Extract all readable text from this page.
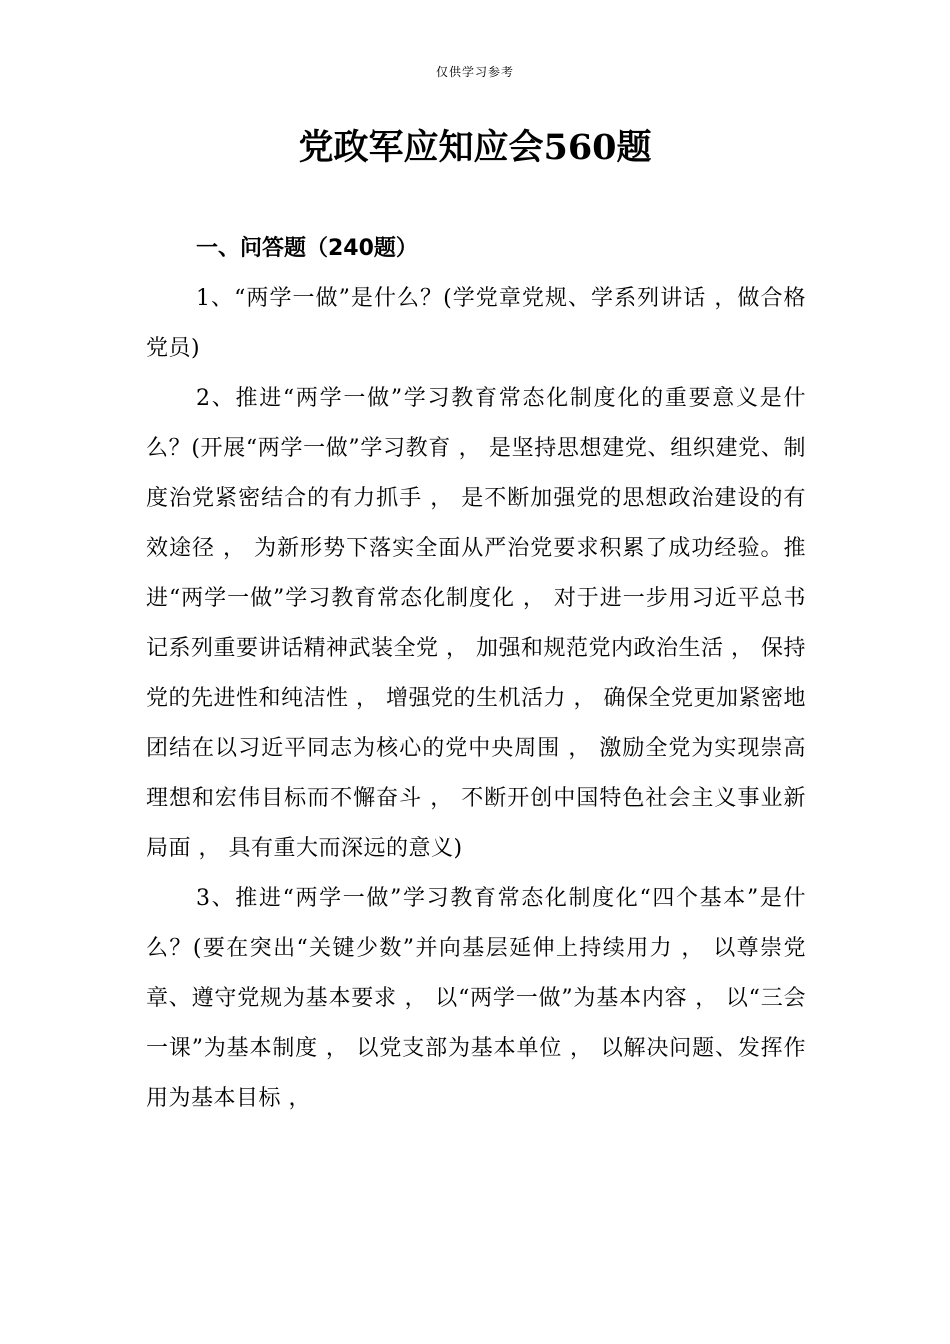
仅供学习参考
党政军应知应会560题

一、问答题（240题）

1、“两学一做”是什么？(学党章党规、学系列讲话 ，做合格党员)

2、推进“两学一做”学习教育常态化制度化的重要意义是什么？(开展“两学一做”学习教育 ， 是坚持思想建党、组织建党、制度治党紧密结合的有力抓手 ， 是不断加强党的思想政治建设的有效途径 ， 为新形势下落实全面从严治党要求积累了成功经验。推进“两学一做”学习教育常态化制度化 ， 对于进一步用习近平总书记系列重要讲话精神武装全党 ， 加强和规范党内政治生活 ， 保持党的先进性和纯洁性 ， 增强党的生机活力 ， 确保全党更加紧密地团结在以习近平同志为核心的党中央周围 ， 激励全党为实现崇高理想和宏伟目标而不懈奋斗 ， 不断开创中国特色社会主义事业新局面 ， 具有重大而深远的意义)

3、推进“两学一做”学习教育常态化制度化“四个基本”是什么？(要在突出“关键少数”并向基层延伸上持续用力 ， 以尊崇党章、遵守党规为基本要求 ， 以“两学一做”为基本内容 ， 以“三会一课”为基本制度 ， 以党支部为基本单位 ， 以解决问题、发挥作用为基本目标 ，
